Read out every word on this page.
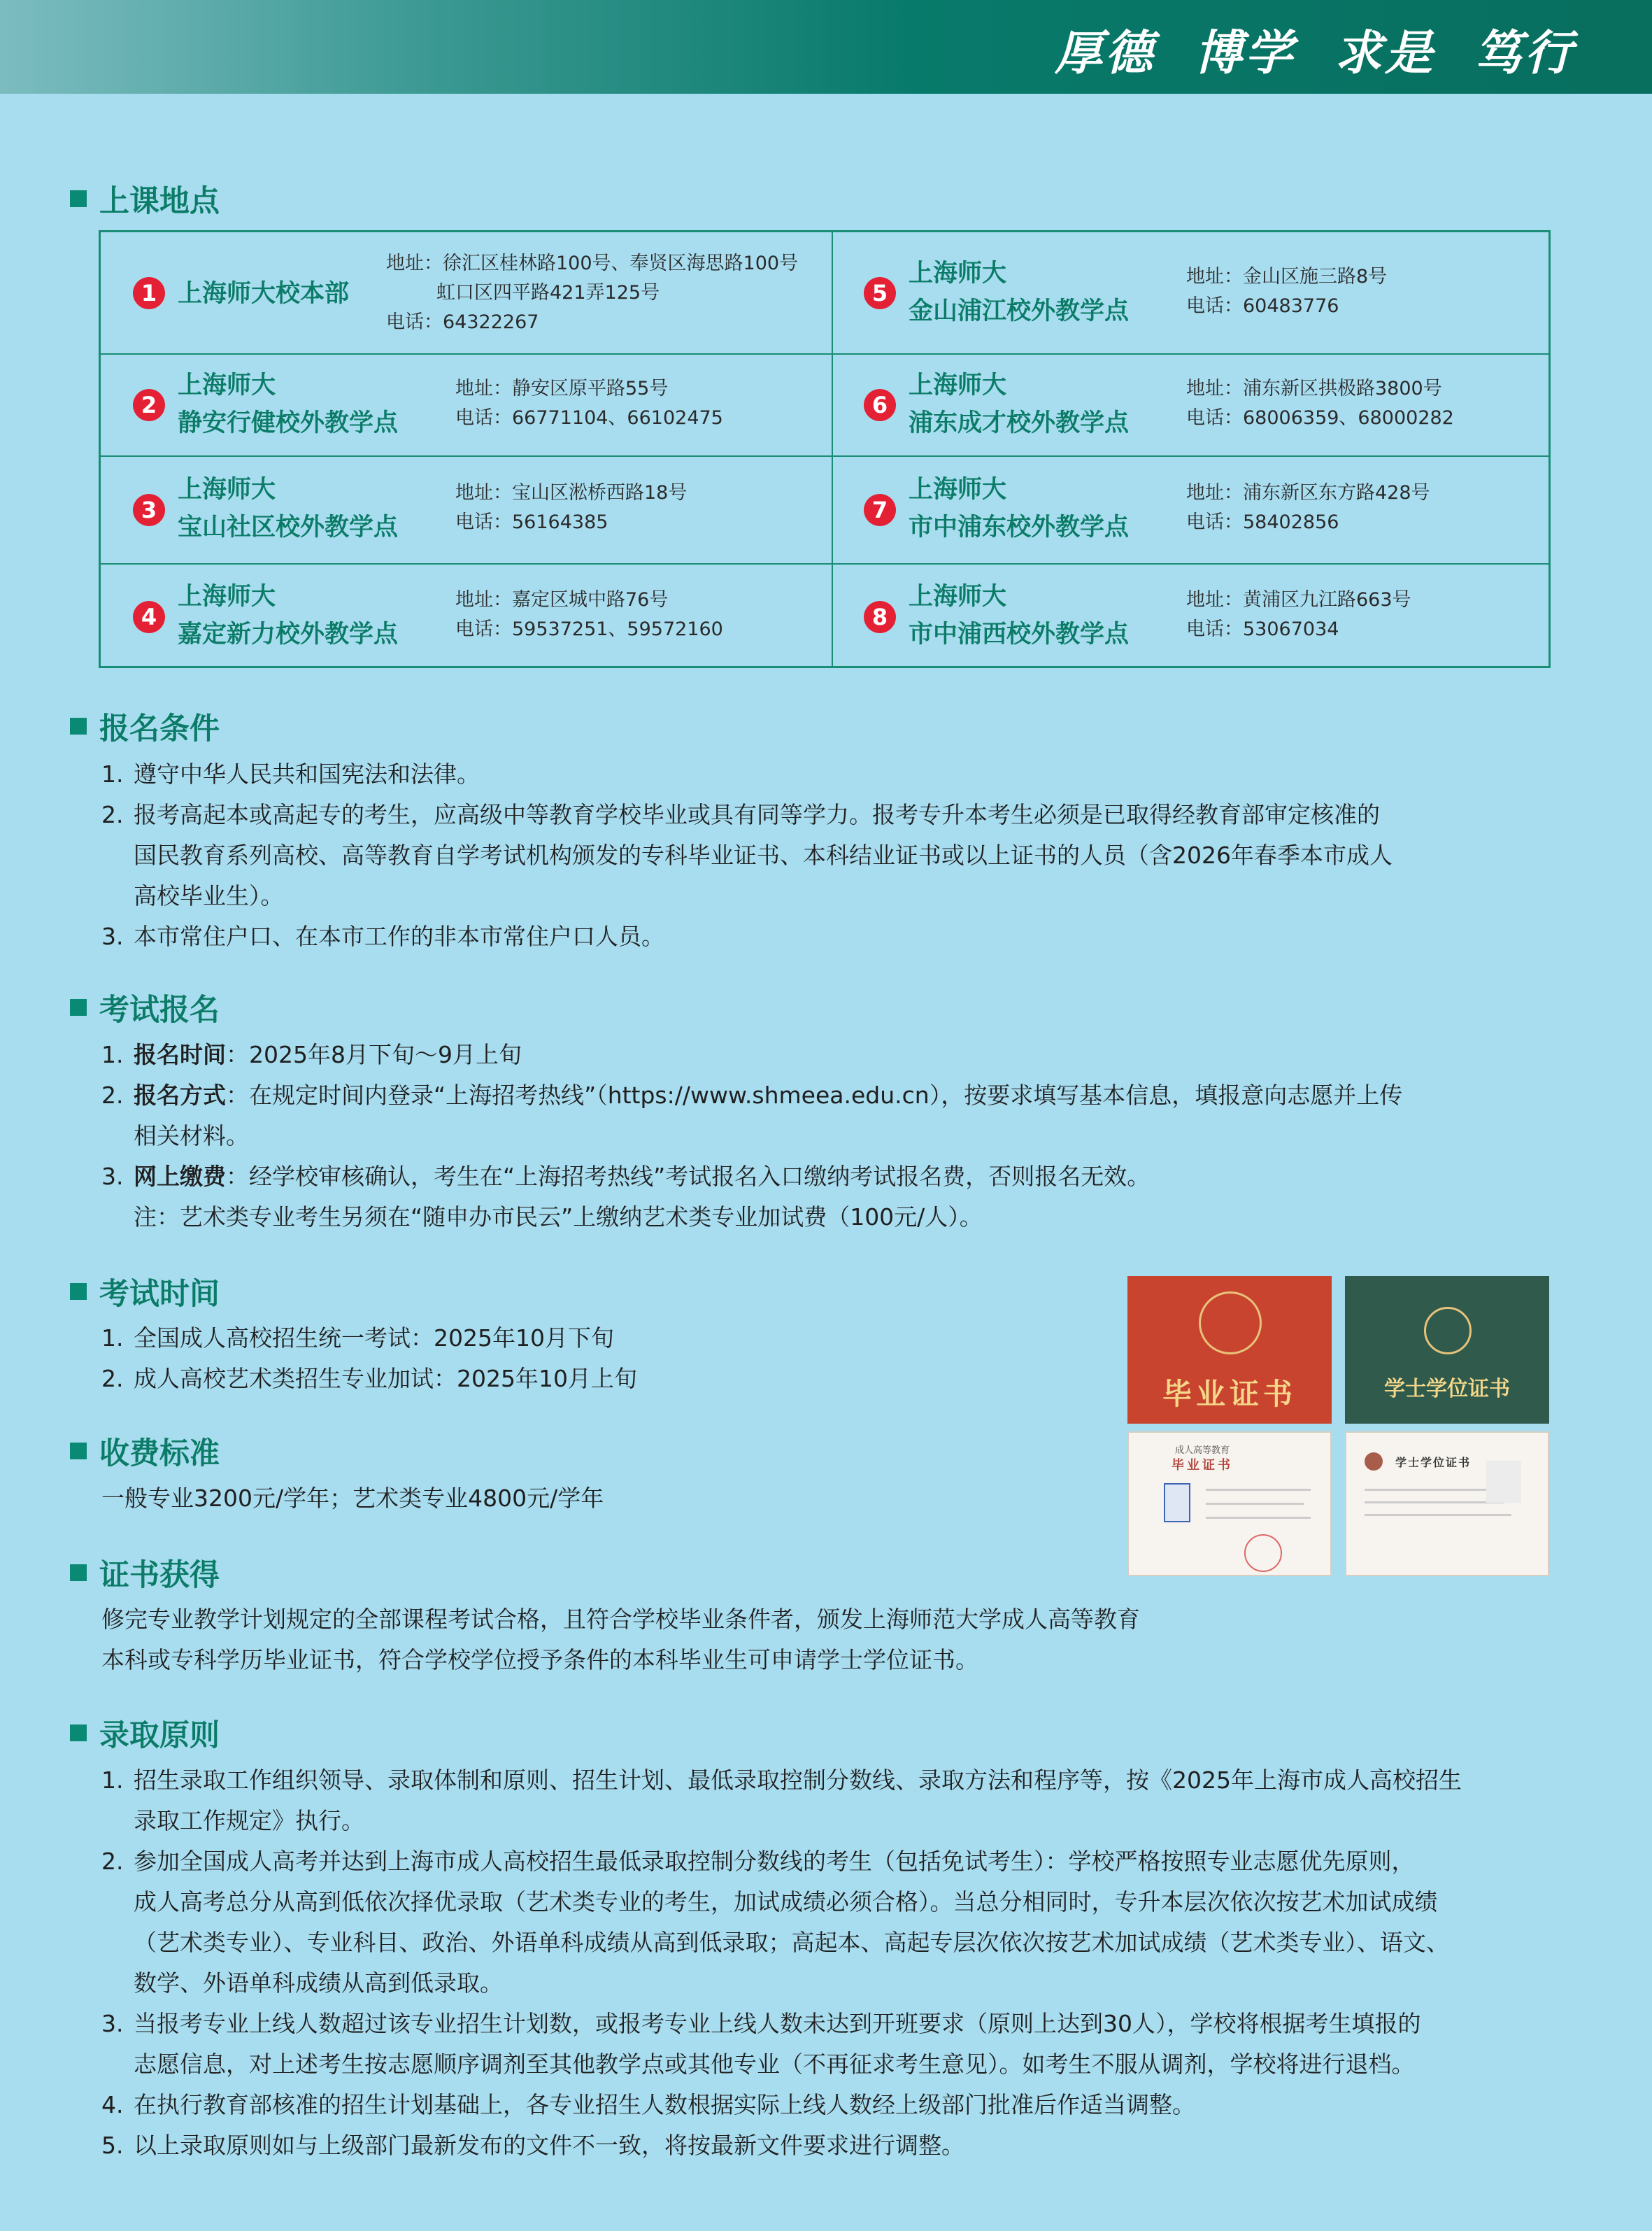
厚德 博学 求是 笃行
上课地点
1 上海师大校本部
地址：徐汇区桂林路100号、奉贤区海思路100号
虹口区四平路421弄125号
电话：64322267
2
上海师大
静安行健校外教学点
地址：静安区原平路55号
电话：66771104、66102475
3
上海师大
宝山社区校外教学点
地址：宝山区淞桥西路18号
电话：56164385
4
上海师大
嘉定新力校外教学点
地址：嘉定区城中路76号
电话：59537251、59572160
5
上海师大
金山浦江校外教学点
地址：金山区施三路8号
电话：60483776
6
上海师大
浦东成才校外教学点
地址：浦东新区拱极路3800号
电话：68006359、68000282
7
上海师大
市中浦东校外教学点
地址：浦东新区东方路428号
电话：58402856
8
上海师大
市中浦西校外教学点
地址：黄浦区九江路663号
电话：53067034
报名条件
1. 遵守中华人民共和国宪法和法律。
2. 报考高起本或高起专的考生，应高级中等教育学校毕业或具有同等学力。报考专升本考生必须是已取得经教育部审定核准的
国民教育系列高校、高等教育自学考试机构颁发的专科毕业证书、本科结业证书或以上证书的人员（含2026年春季本市成人
高校毕业生）。
3. 本市常住户口、在本市工作的非本市常住户口人员。
考试报名
1. 报名时间：2025年8月下旬～9月上旬
2. 报名方式：在规定时间内登录“上海招考热线”（https://www.shmeea.edu.cn），按要求填写基本信息，填报意向志愿并上传
相关材料。
3. 网上缴费：经学校审核确认，考生在“上海招考热线”考试报名入口缴纳考试报名费，否则报名无效。
注：艺术类专业考生另须在“随申办市民云”上缴纳艺术类专业加试费（100元/人）。
考试时间
1. 全国成人高校招生统一考试：2025年10月下旬
2. 成人高校艺术类招生专业加试：2025年10月上旬
收费标准
一般专业3200元/学年；艺术类专业4800元/学年
证书获得
修完专业教学计划规定的全部课程考试合格，且符合学校毕业条件者，颁发上海师范大学成人高等教育
本科或专科学历毕业证书，符合学校学位授予条件的本科毕业生可申请学士学位证书。
毕业证书	学士学位证书
成人高等教育
毕业证书	学士学位证书
录取原则
1. 招生录取工作组织领导、录取体制和原则、招生计划、最低录取控制分数线、录取方法和程序等，按《2025年上海市成人高校招生
录取工作规定》执行。
2. 参加全国成人高考并达到上海市成人高校招生最低录取控制分数线的考生（包括免试考生）：学校严格按照专业志愿优先原则，
成人高考总分从高到低依次择优录取（艺术类专业的考生，加试成绩必须合格）。当总分相同时，专升本层次依次按艺术加试成绩
（艺术类专业）、专业科目、政治、外语单科成绩从高到低录取；高起本、高起专层次依次按艺术加试成绩（艺术类专业）、语文、
数学、外语单科成绩从高到低录取。
3. 当报考专业上线人数超过该专业招生计划数，或报考专业上线人数未达到开班要求（原则上达到30人），学校将根据考生填报的
志愿信息，对上述考生按志愿顺序调剂至其他教学点或其他专业（不再征求考生意见）。如考生不服从调剂，学校将进行退档。
4. 在执行教育部核准的招生计划基础上，各专业招生人数根据实际上线人数经上级部门批准后作适当调整。
5. 以上录取原则如与上级部门最新发布的文件不一致，将按最新文件要求进行调整。
